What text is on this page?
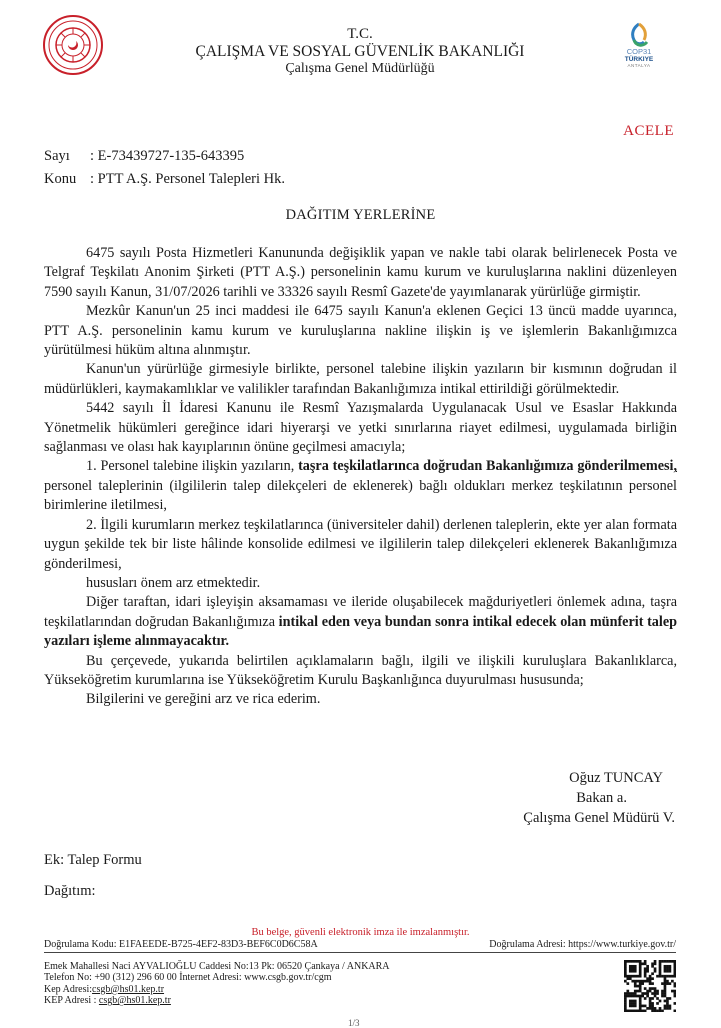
T.C.
ÇALIŞMA VE SOSYAL GÜVENLİK BAKANLIĞI
Çalışma Genel Müdürlüğü
COP31
TÜRKIYE
ANTALYA
ACELE
Sayı : E-73439727-135-643395
Konu : PTT A.Ş. Personel Talepleri Hk.
DAĞITIM YERLERİNE

6475 sayılı Posta Hizmetleri Kanununda değişiklik yapan ve nakle tabi olarak belirlenecek Posta ve Telgraf Teşkilatı Anonim Şirketi (PTT A.Ş.) personelinin kamu kurum ve kuruluşlarına naklini düzenleyen 7590 sayılı Kanun, 31/07/2026 tarihli ve 33326 sayılı Resmî Gazete'de yayımlanarak yürürlüğe girmiştir.

Mezkûr Kanun'un 25 inci maddesi ile 6475 sayılı Kanun'a eklenen Geçici 13 üncü madde uyarınca, PTT A.Ş. personelinin kamu kurum ve kuruluşlarına nakline ilişkin iş ve işlemlerin Bakanlığımızca yürütülmesi hüküm altına alınmıştır.

Kanun'un yürürlüğe girmesiyle birlikte, personel talebine ilişkin yazıların bir kısmının doğrudan il müdürlükleri, kaymakamlıklar ve valilikler tarafından Bakanlığımıza intikal ettirildiği görülmektedir.

5442 sayılı İl İdaresi Kanunu ile Resmî Yazışmalarda Uygulanacak Usul ve Esaslar Hakkında Yönetmelik hükümleri gereğince idari hiyerarşi ve yetki sınırlarına riayet edilmesi, uygulamada birliğin sağlanması ve olası hak kayıplarının önüne geçilmesi amacıyla;

1. Personel talebine ilişkin yazıların, taşra teşkilatlarınca doğrudan Bakanlığımıza gönderilmemesi, personel taleplerinin (ilgililerin talep dilekçeleri de eklenerek) bağlı oldukları merkez teşkilatının personel birimlerine iletilmesi,

2. İlgili kurumların merkez teşkilatlarınca (üniversiteler dahil) derlenen taleplerin, ekte yer alan formata uygun şekilde tek bir liste hâlinde konsolide edilmesi ve ilgililerin talep dilekçeleri eklenerek Bakanlığımıza gönderilmesi,

hususları önem arz etmektedir.

Diğer taraftan, idari işleyişin aksamaması ve ileride oluşabilecek mağduriyetleri önlemek adına, taşra teşkilatlarından doğrudan Bakanlığımıza intikal eden veya bundan sonra intikal edecek olan münferit talep yazıları işleme alınmayacaktır.

Bu çerçevede, yukarıda belirtilen açıklamaların bağlı, ilgili ve ilişkili kuruluşlara Bakanlıklarca, Yükseköğretim kurumlarına ise Yükseköğretim Kurulu Başkanlığınca duyurulması hususunda;

Bilgilerini ve gereğini arz ve rica ederim.

Oğuz TUNCAY
Bakan a.
Çalışma Genel Müdürü V.
Ek: Talep Formu
Dağıtım:
Bu belge, güvenli elektronik imza ile imzalanmıştır.
Doğrulama Kodu: E1FAEEDE-B725-4EF2-83D3-BEF6C0D6C58A	Doğrulama Adresi: https://www.turkiye.gov.tr/
Emek Mahallesi Naci AYVALIOĞLU Caddesi No:13 Pk: 06520 Çankaya / ANKARA
Telefon No: +90 (312) 296 60 00 İnternet Adresi: www.csgb.gov.tr/cgm
Kep Adresi:csgb@hs01.kep.tr
KEP Adresi : csgb@hs01.kep.tr
1/3
